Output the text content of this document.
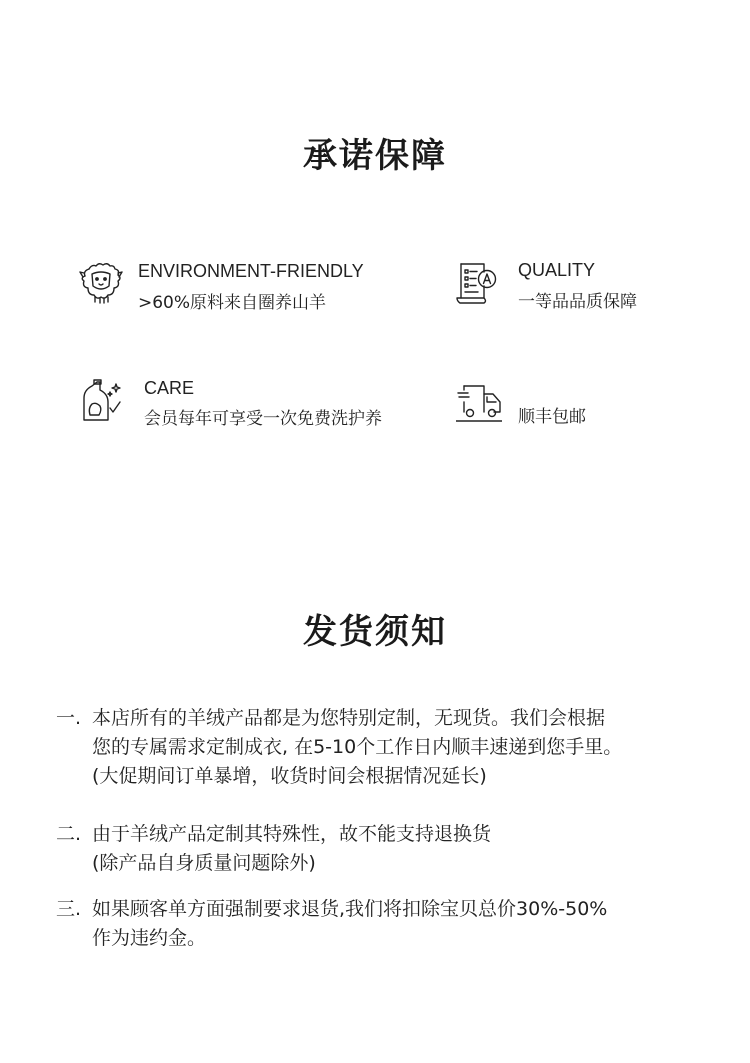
承诺保障
ENVIRONMENT-FRIENDLY
>60%原料来自圈养山羊
QUALITY
一等品品质保障
CARE
会员每年可享受一次免费洗护养	顺丰包邮
发货须知
一. 本店所有的羊绒产品都是为您特别定制，无现货。我们会根据
您的专属需求定制成衣, 在5-10个工作日内顺丰速递到您手里。
(大促期间订单暴增，收货时间会根据情况延长)
二. 由于羊绒产品定制其特殊性，故不能支持退换货
(除产品自身质量问题除外)
三. 如果顾客单方面强制要求退货,我们将扣除宝贝总价30%-50%
作为违约金。
